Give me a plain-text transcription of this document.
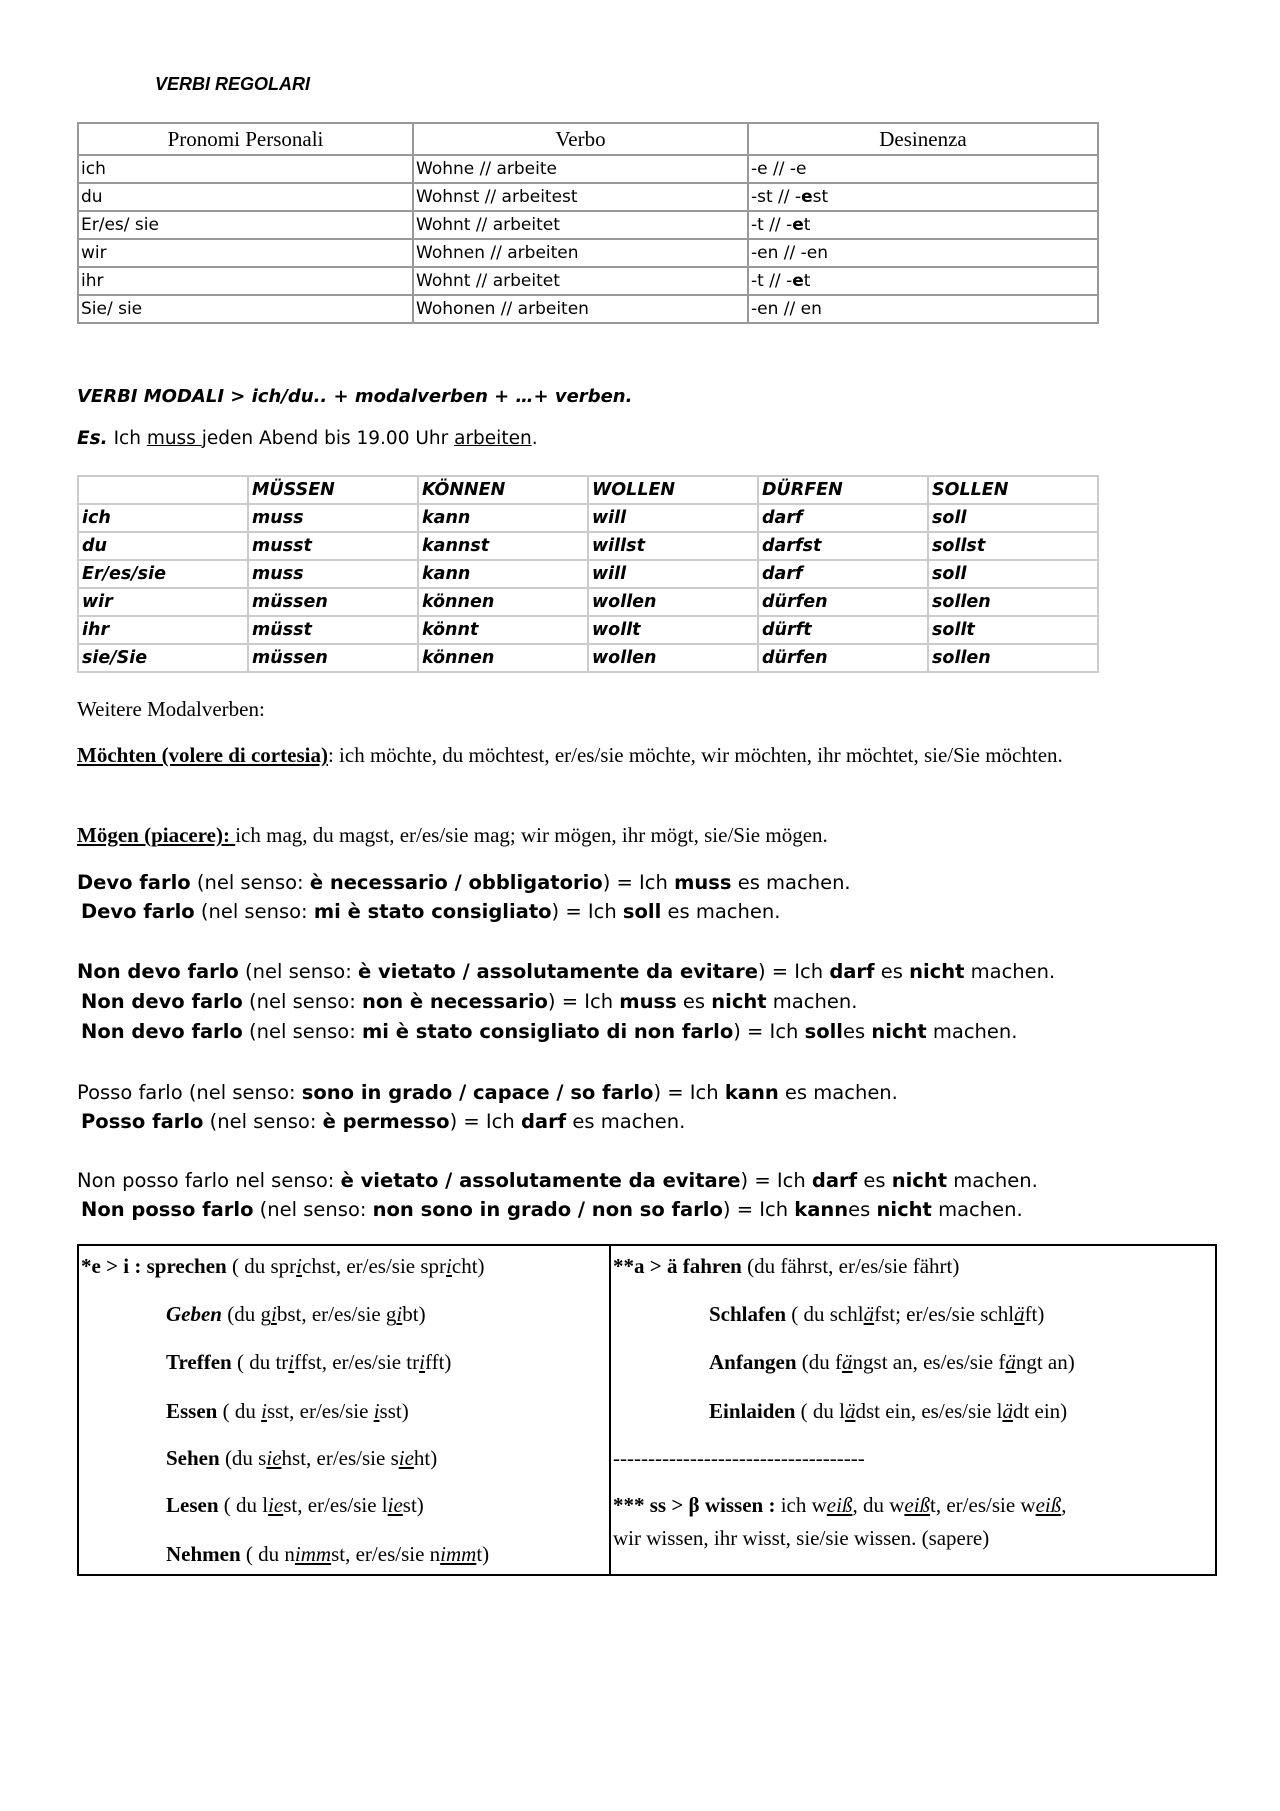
VERBI REGOLARI
Pronomi Personali	Verbo	Desinenza
ich	Wohne // arbeite	-e // -e
du	Wohnst // arbeitest	-st // -est
Er/es/ sie	Wohnt // arbeitet	-t // -et
wir	Wohnen // arbeiten	-en // -en
ihr	Wohnt // arbeitet	-t // -et
Sie/ sie	Wohonen // arbeiten	-en // en
VERBI MODALI > ich/du.. + modalverben + …+ verben.
Es. Ich muss jeden Abend bis 19.00 Uhr arbeiten.
	MÜSSEN	KÖNNEN	WOLLEN	DÜRFEN	SOLLEN
ich	muss	kann	will	darf	soll
du	musst	kannst	willst	darfst	sollst
Er/es/sie	muss	kann	will	darf	soll
wir	müssen	können	wollen	dürfen	sollen
ihr	müsst	könnt	wollt	dürft	sollt
sie/Sie	müssen	können	wollen	dürfen	sollen
Weitere Modalverben:
Möchten (volere di cortesia): ich möchte, du möchtest, er/es/sie möchte, wir möchten, ihr möchtet, sie/Sie möchten.
Mögen (piacere): ich mag, du magst, er/es/sie mag; wir mögen, ihr mögt, sie/Sie mögen.
Devo farlo (nel senso: è necessario / obbligatorio) = Ich muss es machen.
Devo farlo (nel senso: mi è stato consigliato) = Ich soll es machen.
Non devo farlo (nel senso: è vietato / assolutamente da evitare) = Ich darf es nicht machen.
Non devo farlo (nel senso: non è necessario) = Ich muss es nicht machen.
Non devo farlo (nel senso: mi è stato consigliato di non farlo) = Ich solles nicht machen.
Posso farlo (nel senso: sono in grado / capace / so farlo) = Ich kann es machen.
Posso farlo (nel senso: è permesso) = Ich darf es machen.
Non posso farlo nel senso: è vietato / assolutamente da evitare) = Ich darf es nicht machen.
Non posso farlo (nel senso: non sono in grado / non so farlo) = Ich kannes nicht machen.
*e > i : sprechen ( du sprichst, er/es/sie spricht)
Geben (du gibst, er/es/sie gibt)
Treffen ( du triffst, er/es/sie trifft)
Essen ( du isst, er/es/sie isst)
Sehen (du siehst, er/es/sie sieht)
Lesen ( du liest, er/es/sie liest)
Nehmen ( du nimmst, er/es/sie nimmt)
**a > ä fahren (du fährst, er/es/sie fährt)
Schlafen ( du schläfst; er/es/sie schläft)
Anfangen (du fängst an, es/es/sie fängt an)
Einlaiden ( du lädst ein, es/es/sie lädt ein)
------------------------------------
*** ss > β wissen : ich weiß, du weißt, er/es/sie weiß,
wir wissen, ihr wisst, sie/sie wissen. (sapere)
